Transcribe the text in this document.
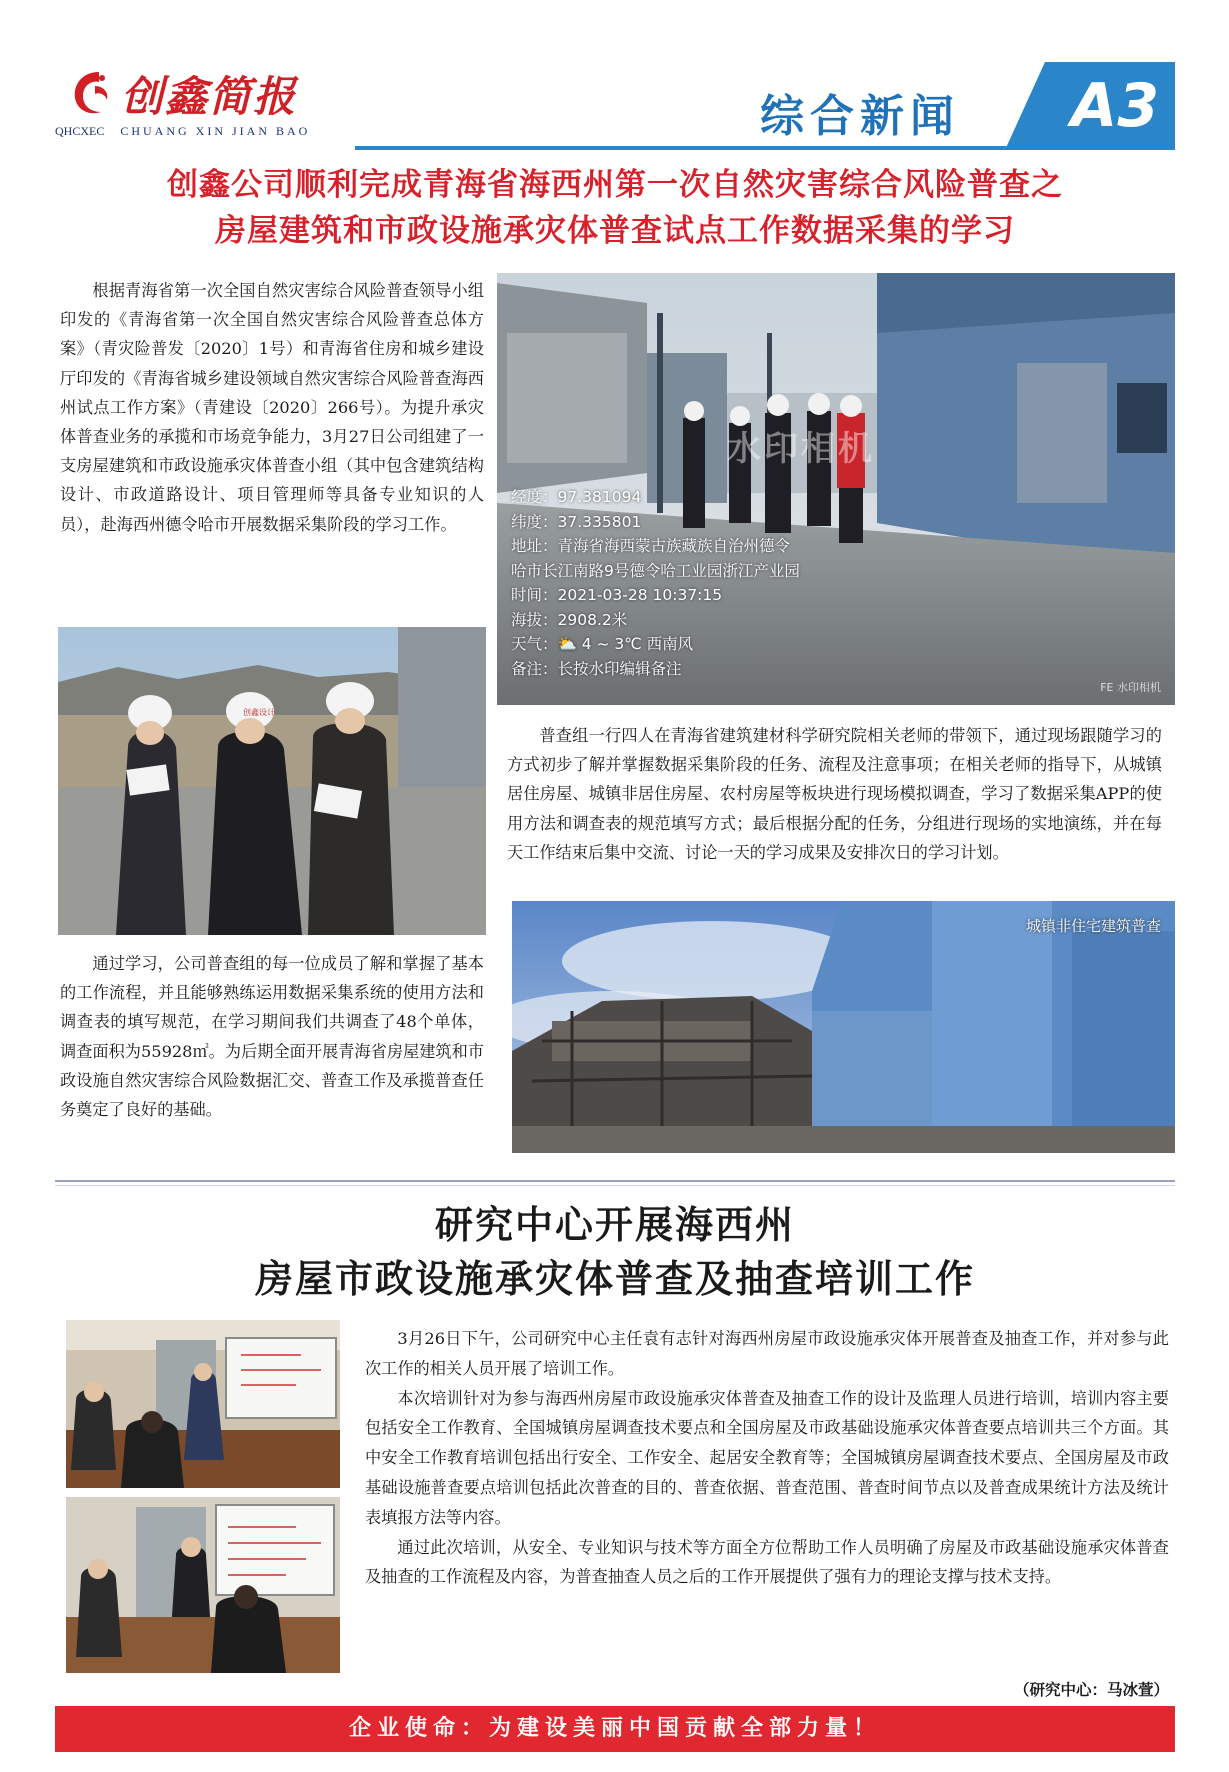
创鑫简报
QHCXEC CHUANG XIN JIAN BAO	综合新闻 A3
创鑫公司顺利完成青海省海西州第一次自然灾害综合风险普查之
房屋建筑和市政设施承灾体普查试点工作数据采集的学习

根据青海省第一次全国自然灾害综合风险普查领导小组印发的《青海省第一次全国自然灾害综合风险普查总体方案》（青灾险普发〔2020〕1号）和青海省住房和城乡建设厅印发的《青海省城乡建设领域自然灾害综合风险普查海西州试点工作方案》（青建设〔2020〕266号）。为提升承灾体普查业务的承揽和市场竞争能力，3月27日公司组建了一支房屋建筑和市政设施承灾体普查小组（其中包含建筑结构设计、市政道路设计、项目管理师等具备专业知识的人员），赴海西州德令哈市开展数据采集阶段的学习工作。

水印相机
经度：97.381094
纬度：37.335801
地址：青海省海西蒙古族藏族自治州德令
哈市长江南路9号德令哈工业园浙江产业园
时间：2021-03-28 10:37:15
海拔：2908.2米
天气：⛅ 4 ~ 3℃ 西南风
备注：长按水印编辑备注
FE 水印相机
创鑫设计

普查组一行四人在青海省建筑建材科学研究院相关老师的带领下，通过现场跟随学习的方式初步了解并掌握数据采集阶段的任务、流程及注意事项；在相关老师的指导下，从城镇居住房屋、城镇非居住房屋、农村房屋等板块进行现场模拟调查，学习了数据采集APP的使用方法和调查表的规范填写方式；最后根据分配的任务，分组进行现场的实地演练，并在每天工作结束后集中交流、讨论一天的学习成果及安排次日的学习计划。

通过学习，公司普查组的每一位成员了解和掌握了基本的工作流程，并且能够熟练运用数据采集系统的使用方法和调查表的填写规范，在学习期间我们共调查了48个单体，调查面积为55928㎡。为后期全面开展青海省房屋建筑和市政设施自然灾害综合风险数据汇交、普查工作及承揽普查任务奠定了良好的基础。

城镇非住宅建筑普查
研究中心开展海西州
房屋市政设施承灾体普查及抽查培训工作

3月26日下午，公司研究中心主任袁有志针对海西州房屋市政设施承灾体开展普查及抽查工作，并对参与此次工作的相关人员开展了培训工作。

本次培训针对为参与海西州房屋市政设施承灾体普查及抽查工作的设计及监理人员进行培训，培训内容主要包括安全工作教育、全国城镇房屋调查技术要点和全国房屋及市政基础设施承灾体普查要点培训共三个方面。其中安全工作教育培训包括出行安全、工作安全、起居安全教育等；全国城镇房屋调查技术要点、全国房屋及市政基础设施普查要点培训包括此次普查的目的、普查依据、普查范围、普查时间节点以及普查成果统计方法及统计表填报方法等内容。

通过此次培训，从安全、专业知识与技术等方面全方位帮助工作人员明确了房屋及市政基础设施承灾体普查及抽查的工作流程及内容，为普查抽查人员之后的工作开展提供了强有力的理论支撑与技术支持。

（研究中心：马冰萱）
企业使命：为建设美丽中国贡献全部力量！
